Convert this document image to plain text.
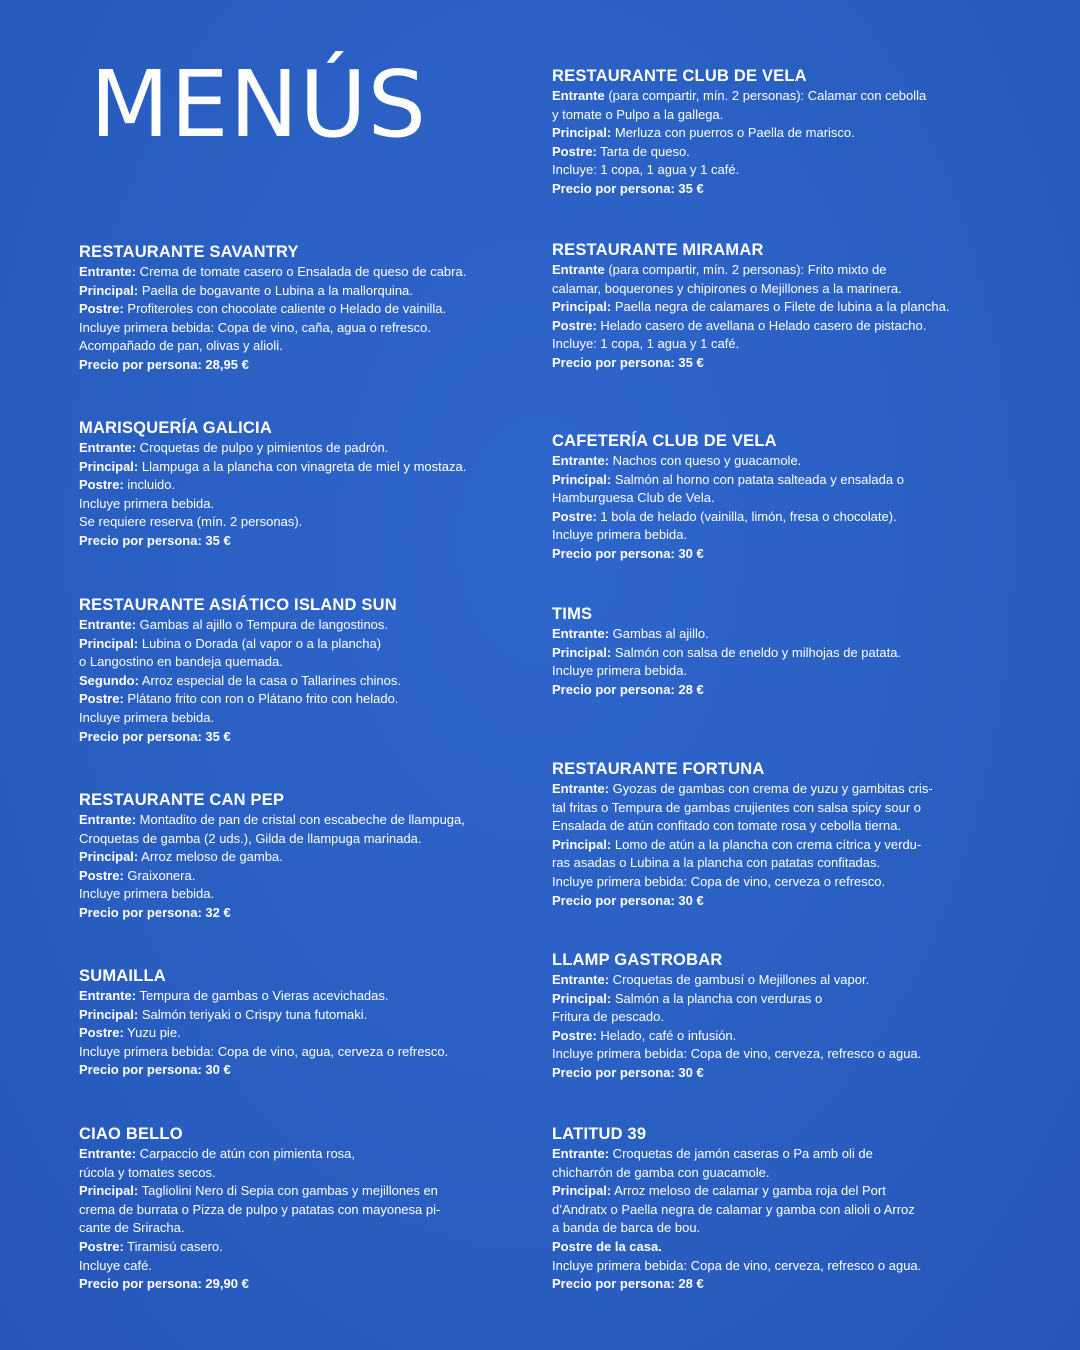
MENÚS
RESTAURANTE SAVANTRY
Entrante: Crema de tomate casero o Ensalada de queso de cabra.
Principal: Paella de bogavante o Lubina a la mallorquina.
Postre: Profiteroles con chocolate caliente o Helado de vainilla.
Incluye primera bebida: Copa de vino, caña, agua o refresco.
Acompañado de pan, olivas y alioli.
Precio por persona: 28,95 €
MARISQUERÍA GALICIA
Entrante: Croquetas de pulpo y pimientos de padrón.
Principal: Llampuga a la plancha con vinagreta de miel y mostaza.
Postre: incluido.
Incluye primera bebida.
Se requiere reserva (mín. 2 personas).
Precio por persona: 35 €
RESTAURANTE ASIÁTICO ISLAND SUN
Entrante: Gambas al ajillo o Tempura de langostinos.
Principal: Lubina o Dorada (al vapor o a la plancha)
o Langostino en bandeja quemada.
Segundo: Arroz especial de la casa o Tallarines chinos.
Postre: Plátano frito con ron o Plátano frito con helado.
Incluye primera bebida.
Precio por persona: 35 €
RESTAURANTE CAN PEP
Entrante: Montadito de pan de cristal con escabeche de llampuga,
Croquetas de gamba (2 uds.), Gilda de llampuga marinada.
Principal: Arroz meloso de gamba.
Postre: Graixonera.
Incluye primera bebida.
Precio por persona: 32 €
SUMAILLA
Entrante: Tempura de gambas o Vieras acevichadas.
Principal: Salmón teriyaki o Crispy tuna futomaki.
Postre: Yuzu pie.
Incluye primera bebida: Copa de vino, agua, cerveza o refresco.
Precio por persona: 30 €
CIAO BELLO
Entrante: Carpaccio de atún con pimienta rosa,
rúcola y tomates secos.
Principal: Tagliolini Nero di Sepia con gambas y mejillones en
crema de burrata o Pizza de pulpo y patatas con mayonesa pi-
cante de Sriracha.
Postre: Tiramisú casero.
Incluye café.
Precio por persona: 29,90 €
RESTAURANTE CLUB DE VELA
Entrante (para compartir, mín. 2 personas): Calamar con cebolla
y tomate o Pulpo a la gallega.
Principal: Merluza con puerros o Paella de marisco.
Postre: Tarta de queso.
Incluye: 1 copa, 1 agua y 1 café.
Precio por persona: 35 €
RESTAURANTE MIRAMAR
Entrante (para compartir, mín. 2 personas): Frito mixto de
calamar, boquerones y chipirones o Mejillones a la marinera.
Principal: Paella negra de calamares o Filete de lubina a la plancha.
Postre: Helado casero de avellana o Helado casero de pistacho.
Incluye: 1 copa, 1 agua y 1 café.
Precio por persona: 35 €
CAFETERÍA CLUB DE VELA
Entrante: Nachos con queso y guacamole.
Principal: Salmón al horno con patata salteada y ensalada o
Hamburguesa Club de Vela.
Postre: 1 bola de helado (vainilla, limón, fresa o chocolate).
Incluye primera bebida.
Precio por persona: 30 €
TIMS
Entrante: Gambas al ajillo.
Principal: Salmón con salsa de eneldo y milhojas de patata.
Incluye primera bebida.
Precio por persona: 28 €
RESTAURANTE FORTUNA
Entrante: Gyozas de gambas con crema de yuzu y gambitas cris-
tal fritas o Tempura de gambas crujientes con salsa spicy sour o
Ensalada de atún confitado con tomate rosa y cebolla tierna.
Principal: Lomo de atún a la plancha con crema cítrica y verdu-
ras asadas o Lubina a la plancha con patatas confitadas.
Incluye primera bebida: Copa de vino, cerveza o refresco.
Precio por persona: 30 €
LLAMP GASTROBAR
Entrante: Croquetas de gambusí o Mejillones al vapor.
Principal: Salmón a la plancha con verduras o
Fritura de pescado.
Postre: Helado, café o infusión.
Incluye primera bebida: Copa de vino, cerveza, refresco o agua.
Precio por persona: 30 €
LATITUD 39
Entrante: Croquetas de jamón caseras o Pa amb oli de
chicharrón de gamba con guacamole.
Principal: Arroz meloso de calamar y gamba roja del Port
d’Andratx o Paella negra de calamar y gamba con alioli o Arroz
a banda de barca de bou.
Postre de la casa.
Incluye primera bebida: Copa de vino, cerveza, refresco o agua.
Precio por persona: 28 €
